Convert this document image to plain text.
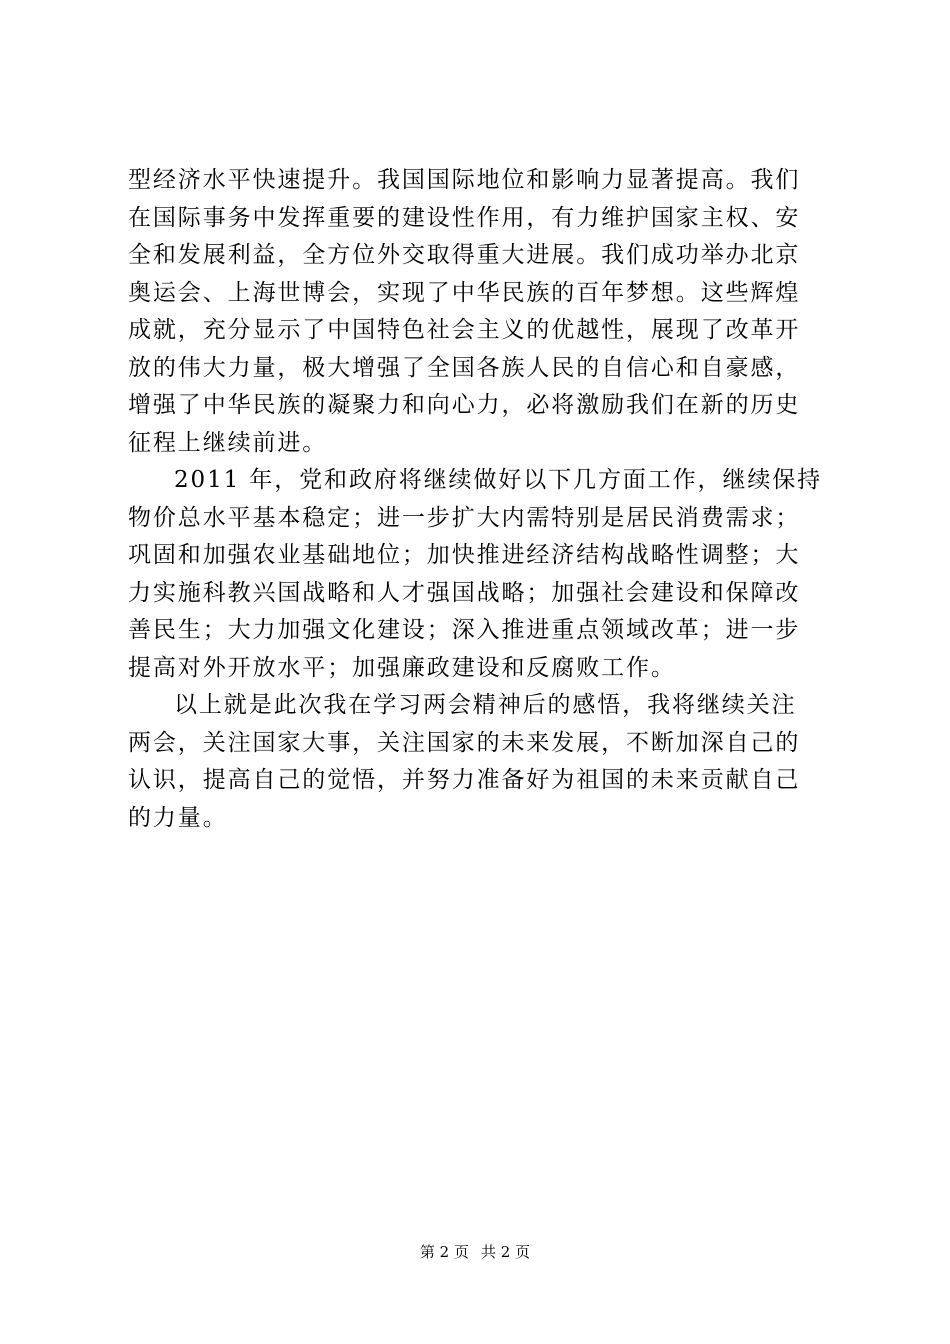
型经济水平快速提升。我国国际地位和影响力显著提高。我们
在国际事务中发挥重要的建设性作用，有力维护国家主权、安
全和发展利益，全方位外交取得重大进展。我们成功举办北京
奥运会、上海世博会，实现了中华民族的百年梦想。这些辉煌
成就，充分显示了中国特色社会主义的优越性，展现了改革开
放的伟大力量，极大增强了全国各族人民的自信心和自豪感，
增强了中华民族的凝聚力和向心力，必将激励我们在新的历史
征程上继续前进。
2011 年，党和政府将继续做好以下几方面工作，继续保持
物价总水平基本稳定；进一步扩大内需特别是居民消费需求；
巩固和加强农业基础地位；加快推进经济结构战略性调整；大
力实施科教兴国战略和人才强国战略；加强社会建设和保障改
善民生；大力加强文化建设；深入推进重点领域改革；进一步
提高对外开放水平；加强廉政建设和反腐败工作。
以上就是此次我在学习两会精神后的感悟，我将继续关注
两会，关注国家大事，关注国家的未来发展，不断加深自己的
认识，提高自己的觉悟，并努力准备好为祖国的未来贡献自己
的力量。
第 2 页 共 2 页
